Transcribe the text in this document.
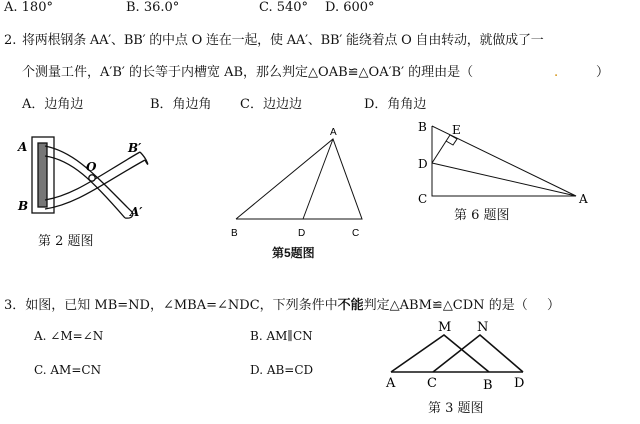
A. 180°	B. 36.0°	C. 540° D. 600°
2. 将两根钢条 AA′、BB′ 的中点 O 连在一起，使 AA′、BB′ 能绕着点 O 自由转动，就做成了一
个测量工件，A′B′ 的长等于内槽宽 AB，那么判定△OAB≌△OA′B′ 的理由是（	）
.
A．边角边	B．角边角 C．边边边	D．角角边
A
B
O
B′
A′
A
B	D	C
B E
D
C	A
M N
A C	B D
第 2 题图
第5题图
第 6 题图
第 3 题图
3．如图，已知 MB=ND，∠MBA=∠NDC，下列条件中不能判定△ABM≌△CDN 的是（ ）
A. ∠M=∠N	B. AM∥CN
C. AM=CN	D. AB=CD
